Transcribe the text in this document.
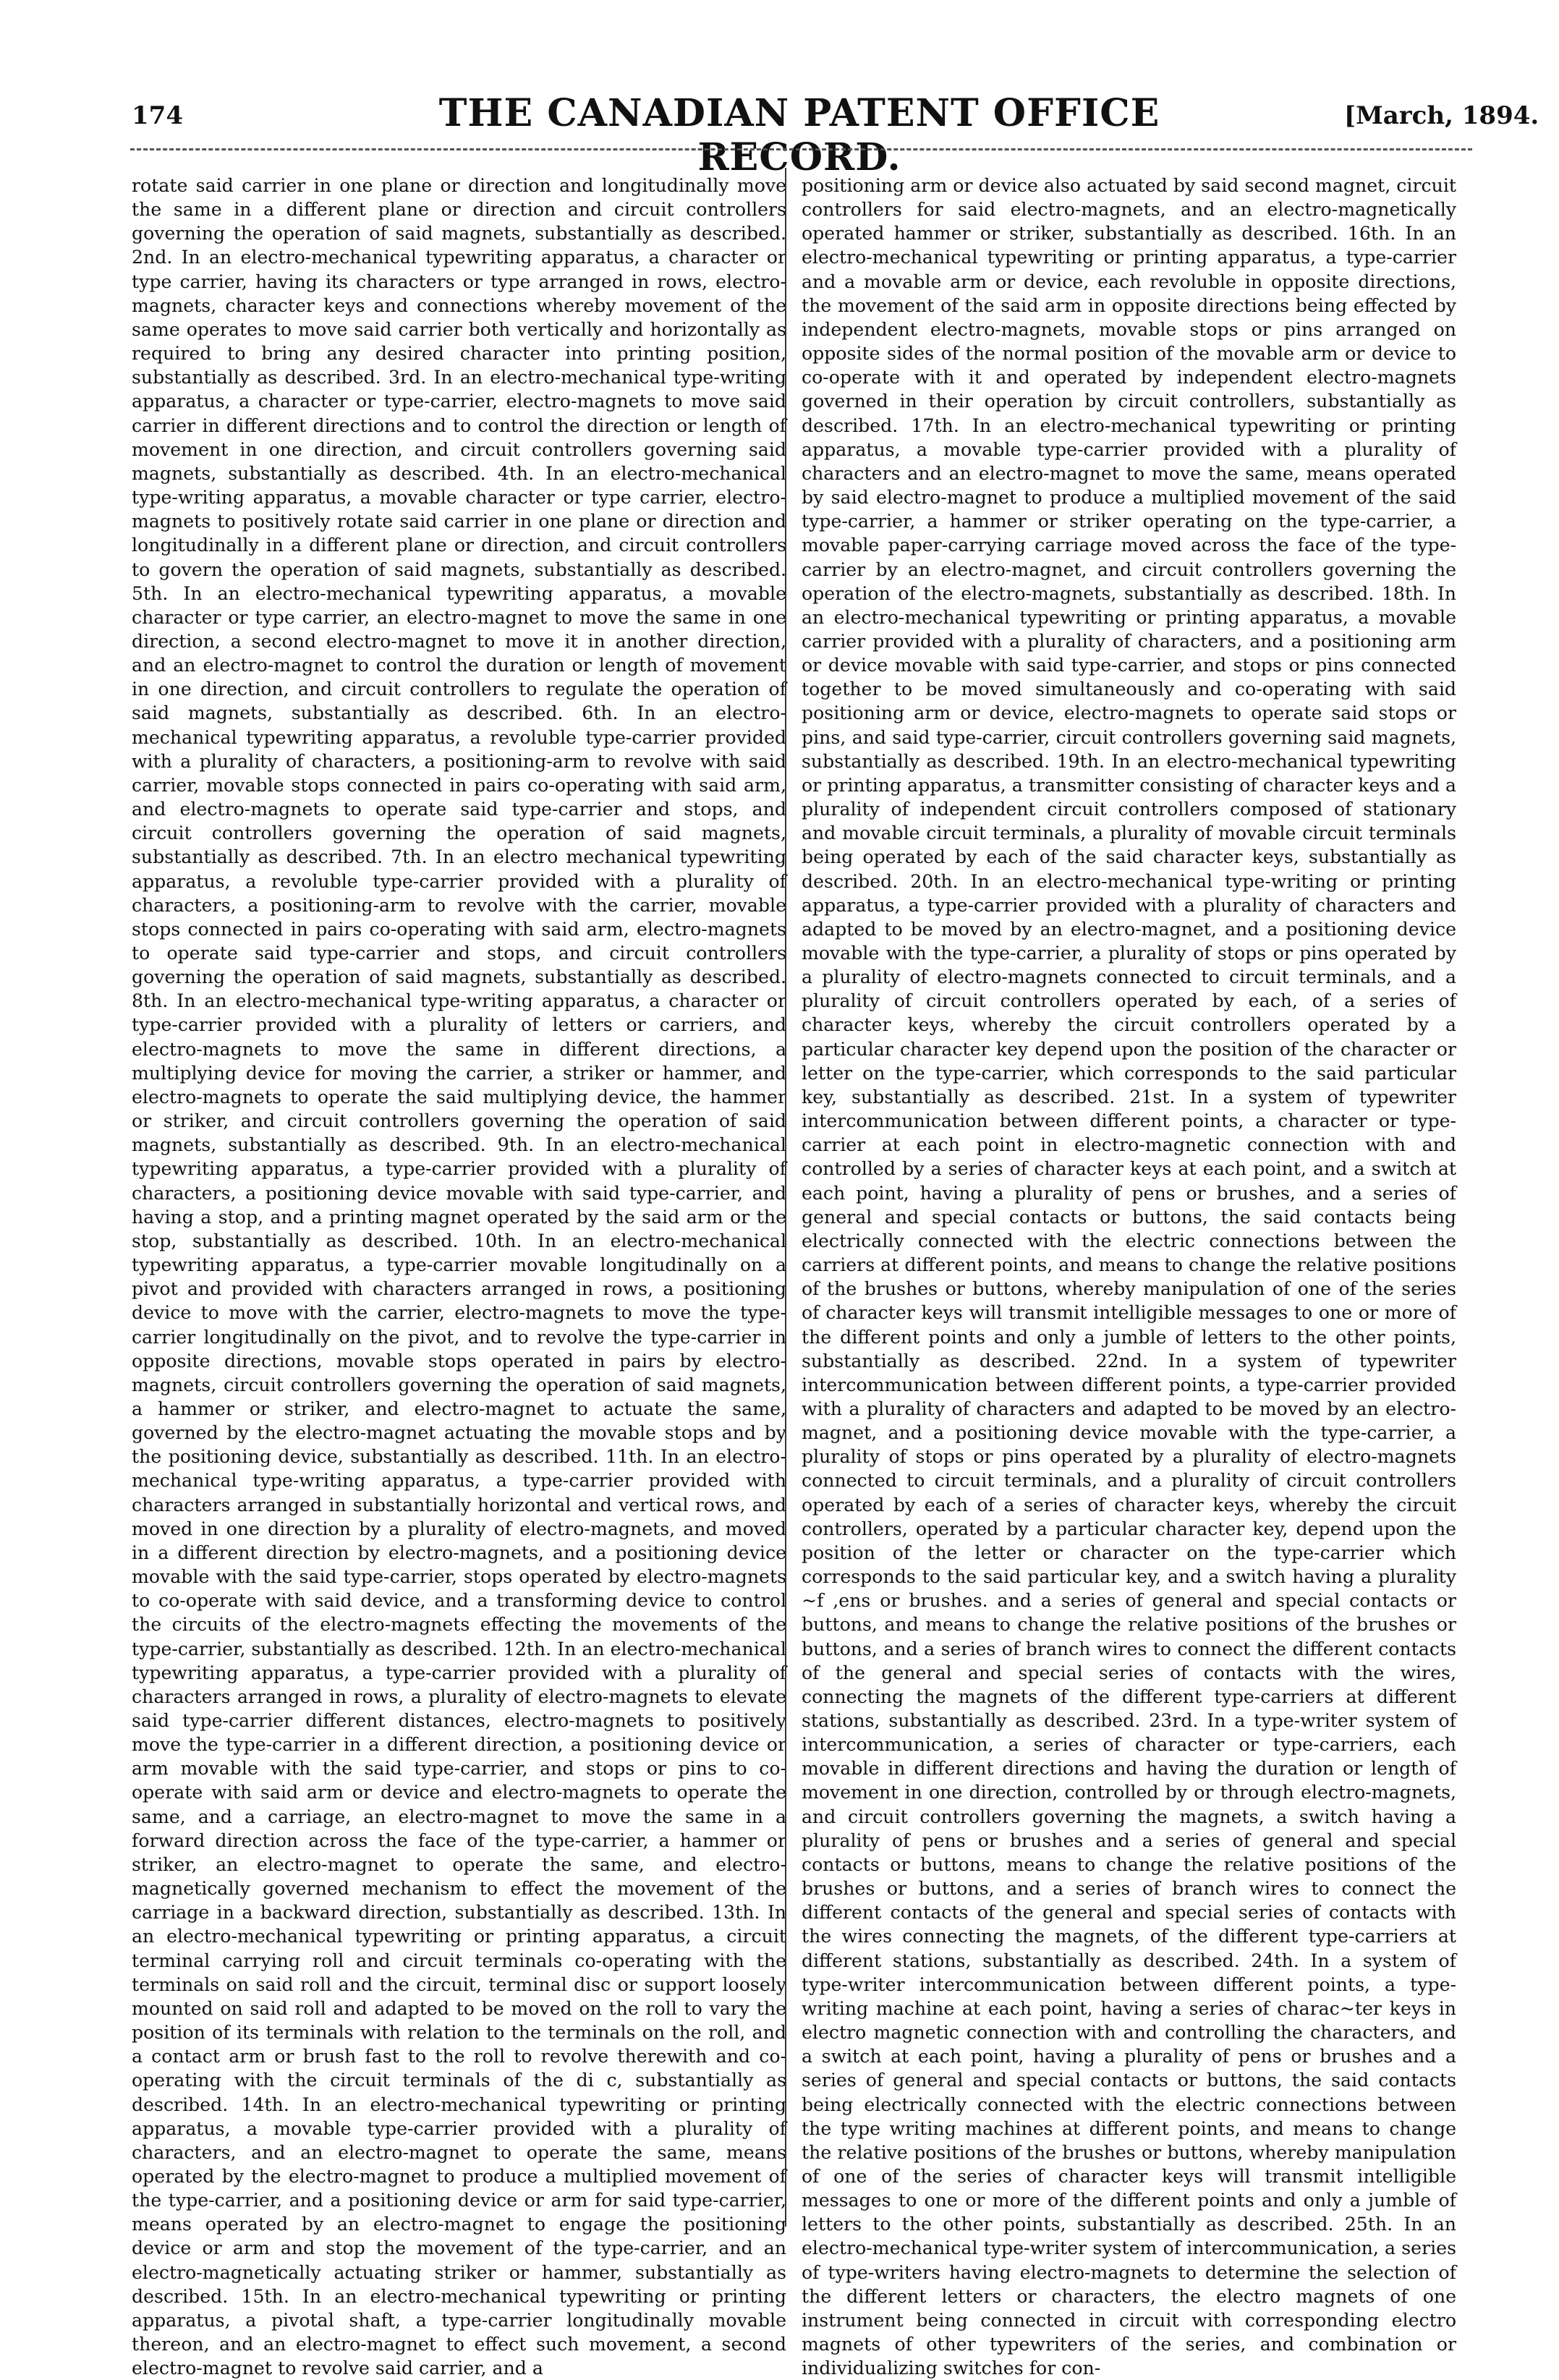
174	THE CANADIAN PATENT OFFICE RECORD.
[March, 1894.

rotate said carrier in one plane or direction and longitudinally move the same in a different plane or direction and circuit controllers governing the operation of said magnets, substantially as described. 2nd. In an electro-mechanical typewriting apparatus, a character or type carrier, having its characters or type arranged in rows, electro-magnets, character keys and connections whereby movement of the same operates to move said carrier both vertically and horizontally as required to bring any desired character into printing position, substantially as described. 3rd. In an electro-mechanical type-writing apparatus, a character or type-carrier, electro-magnets to move said carrier in different directions and to control the direction or length of movement in one direction, and circuit controllers governing said magnets, substantially as described. 4th. In an electro-mechanical type-writing apparatus, a movable character or type carrier, electro-magnets to positively rotate said carrier in one plane or direction and longitudinally in a different plane or direction, and circuit controllers to govern the operation of said magnets, substantially as described. 5th. In an electro-mechanical typewriting apparatus, a movable character or type carrier, an electro-magnet to move the same in one direction, a second electro-magnet to move it in another direction, and an electro-magnet to control the duration or length of movement in one direction, and circuit controllers to regulate the operation of said magnets, substantially as described. 6th. In an electro-mechanical typewriting apparatus, a revoluble type-carrier provided with a plurality of characters, a positioning-arm to revolve with said carrier, movable stops connected in pairs co-operating with said arm, and electro-magnets to operate said type-carrier and stops, and circuit controllers governing the operation of said magnets, substantially as described. 7th. In an electro mechanical typewriting apparatus, a revoluble type-carrier provided with a plurality of characters, a positioning-arm to revolve with the carrier, movable stops connected in pairs co-operating with said arm, electro-magnets to operate said type-carrier and stops, and circuit controllers governing the operation of said magnets, substantially as described. 8th. In an electro-mechanical type-writing apparatus, a character or type-carrier provided with a plurality of letters or carriers, and electro-magnets to move the same in different directions, a multiplying device for moving the carrier, a striker or hammer, and electro-magnets to operate the said multiplying device, the hammer or striker, and circuit controllers governing the operation of said magnets, substantially as described. 9th. In an electro-mechanical typewriting apparatus, a type-carrier provided with a plurality of characters, a positioning device movable with said type-carrier, and having a stop, and a printing magnet operated by the said arm or the stop, substantially as described. 10th. In an electro-mechanical typewriting apparatus, a type-carrier movable longitudinally on a pivot and provided with characters arranged in rows, a positioning device to move with the carrier, electro-magnets to move the type-carrier longitudinally on the pivot, and to revolve the type-carrier in opposite directions, movable stops operated in pairs by electro-magnets, circuit controllers governing the operation of said magnets, a hammer or striker, and electro-magnet to actuate the same, governed by the electro-magnet actuating the movable stops and by the positioning device, substantially as described. 11th. In an electro-mechanical type-writing apparatus, a type-carrier provided with characters arranged in substantially horizontal and vertical rows, and moved in one direction by a plurality of electro-magnets, and moved in a different direction by electro-magnets, and a positioning device movable with the said type-carrier, stops operated by electro-magnets to co-operate with said device, and a transforming device to control the circuits of the electro-magnets effecting the movements of the type-carrier, substantially as described. 12th. In an electro-mechanical typewriting apparatus, a type-carrier provided with a plurality of characters arranged in rows, a plurality of electro-magnets to elevate said type-carrier different distances, electro-magnets to positively move the type-carrier in a different direction, a positioning device or arm movable with the said type-carrier, and stops or pins to co-operate with said arm or device and electro-magnets to operate the same, and a carriage, an electro-magnet to move the same in a forward direction across the face of the type-carrier, a hammer or striker, an electro-magnet to operate the same, and electro-magnetically governed mechanism to effect the movement of the carriage in a backward direction, substantially as described. 13th. In an electro-mechanical typewriting or printing apparatus, a circuit terminal carrying roll and circuit terminals co-operating with the terminals on said roll and the circuit, terminal disc or support loosely mounted on said roll and adapted to be moved on the roll to vary the position of its terminals with relation to the terminals on the roll, and a contact arm or brush fast to the roll to revolve therewith and co-operating with the circuit terminals of the di c, substantially as described. 14th. In an electro-mechanical typewriting or printing apparatus, a movable type-carrier provided with a plurality of characters, and an electro-magnet to operate the same, means operated by the electro-magnet to produce a multiplied movement of the type-carrier, and a positioning device or arm for said type-carrier, means operated by an electro-magnet to engage the positioning device or arm and stop the movement of the type-carrier, and an electro-magnetically actuating striker or hammer, substantially as described. 15th. In an electro-mechanical typewriting or printing apparatus, a pivotal shaft, a type-carrier longitudinally movable thereon, and an electro-magnet to effect such movement, a second electro-magnet to revolve said carrier, and a

positioning arm or device also actuated by said second magnet, circuit controllers for said electro-magnets, and an electro-magnetically operated hammer or striker, substantially as described. 16th. In an electro-mechanical typewriting or printing apparatus, a type-carrier and a movable arm or device, each revoluble in opposite directions, the movement of the said arm in opposite directions being effected by independent electro-magnets, movable stops or pins arranged on opposite sides of the normal position of the movable arm or device to co-operate with it and operated by independent electro-magnets governed in their operation by circuit controllers, substantially as described. 17th. In an electro-mechanical typewriting or printing apparatus, a movable type-carrier provided with a plurality of characters and an electro-magnet to move the same, means operated by said electro-magnet to produce a multiplied movement of the said type-carrier, a hammer or striker operating on the type-carrier, a movable paper-carrying carriage moved across the face of the type-carrier by an electro-magnet, and circuit controllers governing the operation of the electro-magnets, substantially as described. 18th. In an electro-mechanical typewriting or printing apparatus, a movable carrier provided with a plurality of characters, and a positioning arm or device movable with said type-carrier, and stops or pins connected together to be moved simultaneously and co-operating with said positioning arm or device, electro-magnets to operate said stops or pins, and said type-carrier, circuit controllers governing said magnets, substantially as described. 19th. In an electro-mechanical typewriting or printing apparatus, a transmitter consisting of character keys and a plurality of independent circuit controllers composed of stationary and movable circuit terminals, a plurality of movable circuit terminals being operated by each of the said character keys, substantially as described. 20th. In an electro-mechanical type-writing or printing apparatus, a type-carrier provided with a plurality of characters and adapted to be moved by an electro-magnet, and a positioning device movable with the type-carrier, a plurality of stops or pins operated by a plurality of electro-magnets connected to circuit terminals, and a plurality of circuit controllers operated by each, of a series of character keys, whereby the circuit controllers operated by a particular character key depend upon the position of the character or letter on the type-carrier, which corresponds to the said particular key, substantially as described. 21st. In a system of typewriter intercommunication between different points, a character or type-carrier at each point in electro-magnetic connection with and controlled by a series of character keys at each point, and a switch at each point, having a plurality of pens or brushes, and a series of general and special contacts or buttons, the said contacts being electrically connected with the electric connections between the carriers at different points, and means to change the relative positions of the brushes or buttons, whereby manipulation of one of the series of character keys will transmit intelligible messages to one or more of the different points and only a jumble of letters to the other points, substantially as described. 22nd. In a system of typewriter intercommunication between different points, a type-carrier provided with a plurality of characters and adapted to be moved by an electro-magnet, and a positioning device movable with the type-carrier, a plurality of stops or pins operated by a plurality of electro-magnets connected to circuit terminals, and a plurality of circuit controllers operated by each of a series of character keys, whereby the circuit controllers, operated by a particular character key, depend upon the position of the letter or character on the type-carrier which corresponds to the said particular key, and a switch having a plurality ~f ,ens or brushes. and a series of general and special contacts or buttons, and means to change the relative positions of the brushes or buttons, and a series of branch wires to connect the different contacts of the general and special series of contacts with the wires, connecting the magnets of the different type-carriers at different stations, substantially as described. 23rd. In a type-writer system of intercommunication, a series of character or type-carriers, each movable in different directions and having the duration or length of movement in one direction, controlled by or through electro-magnets, and circuit controllers governing the magnets, a switch having a plurality of pens or brushes and a series of general and special contacts or buttons, means to change the relative positions of the brushes or buttons, and a series of branch wires to connect the different contacts of the general and special series of contacts with the wires connecting the magnets, of the different type-carriers at different stations, substantially as described. 24th. In a system of type-writer intercommunication between different points, a type-writing machine at each point, having a series of charac~ter keys in electro magnetic connection with and controlling the characters, and a switch at each point, having a plurality of pens or brushes and a series of general and special contacts or buttons, the said contacts being electrically connected with the electric connections between the type writing machines at different points, and means to change the relative positions of the brushes or buttons, whereby manipulation of one of the series of character keys will transmit intelligible messages to one or more of the different points and only a jumble of letters to the other points, substantially as described. 25th. In an electro-mechanical type-writer system of intercommunication, a series of type-writers having electro-magnets to determine the selection of the different letters or characters, the electro magnets of one instrument being connected in circuit with corresponding electro magnets of other typewriters of the series, and combination or individualizing switches for con-
